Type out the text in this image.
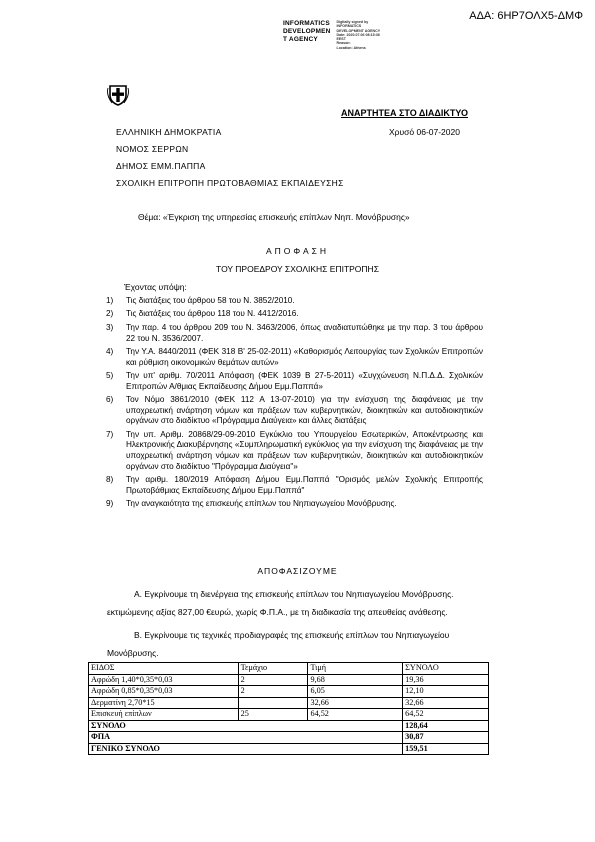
ΑΔΑ: 6ΗΡ7ΟΛΧ5-ΔΜΦ
INFORMATICS
DEVELOPMEN
T AGENCY
Digitally signed by
INFORMATICS
DEVELOPMENT AGENCY
Date: 2020.07.06 08:15:36
EEST
Reason:
Location: Athens
ΑΝΑΡΤΗΤΕΑ ΣΤΟ ΔΙΑΔΙΚΤΥΟ
ΕΛΛΗΝΙΚΗ ΔΗΜΟΚΡΑΤΙΑ	Χρυσό 06-07-2020
ΝΟΜΟΣ ΣΕΡΡΩΝ
ΔΗΜΟΣ ΕΜΜ.ΠΑΠΠΑ
ΣΧΟΛΙΚΗ ΕΠΙΤΡΟΠΗ ΠΡΩΤΟΒΑΘΜΙΑΣ ΕΚΠΑΙΔΕΥΣΗΣ
Θέμα: «Έγκριση της υπηρεσίας επισκευής επίπλων Νηπ. Μονόβρυσης»
ΑΠΟΦΑΣΗ
ΤΟΥ ΠΡΟΕΔΡΟΥ ΣΧΟΛΙΚΗΣ ΕΠΙΤΡΟΠΗΣ
Έχοντας υπόψη:
1) Τις διατάξεις του άρθρου 58 του Ν. 3852/2010.
2) Τις διατάξεις του άρθρου 118 του Ν. 4412/2016.
3) Την παρ. 4 του άρθρου 209 του Ν. 3463/2006, όπως αναδιατυπώθηκε με την παρ. 3 του άρθρου 22 του Ν. 3536/2007.
4) Την Υ.Α. 8440/2011 (ΦΕΚ 318 Β' 25-02-2011) «Καθορισμός Λειτουργίας των Σχολικών Επιτροπών και ρύθμιση οικονομικών θεμάτων αυτών»
5) Την υπ' αριθμ. 70/2011 Απόφαση (ΦΕΚ 1039 Β 27-5-2011) «Συγχώνευση Ν.Π.Δ.Δ. Σχολικών Επιτροπών Α/θμιας Εκπαίδευσης Δήμου Εμμ.Παππά»
6) Τον Νόμο 3861/2010 (ΦΕΚ 112 Α 13-07-2010) για την ενίσχυση της διαφάνειας με την υποχρεωτική ανάρτηση νόμων και πράξεων των κυβερνητικών, διοικητικών και αυτοδιοικητικών οργάνων στο διαδίκτυο «Πρόγραμμα Διαύγεια» και άλλες διατάξεις
7) Την υπ. Αριθμ. 20868/29-09-2010 Εγκύκλιο του Υπουργείου Εσωτερικών, Αποκέντρωσης και Ηλεκτρονικής Διακυβέρνησης «Συμπληρωματική εγκύκλιος για την ενίσχυση της διαφάνειας με την υποχρεωτική ανάρτηση νόμων και πράξεων των κυβερνητικών, διοικητικών και αυτοδιοικητικών οργάνων στο διαδίκτυο "Πρόγραμμα Διαύγεια"»
8) Την αριθμ. 180/2019 Απόφαση Δήμου Εμμ.Παππά "Ορισμός μελών Σχολικής Επιτροπής Πρωτοβάθμιας Εκπαίδευσης Δήμου Εμμ.Παππά"
9) Την αναγκαιότητα της επισκευής επίπλων του Νηπιαγωγείου Μονόβρυσης.
ΑΠΟΦΑΣΙΖΟΥΜΕ
Α. Εγκρίνουμε τη διενέργεια της επισκευής επίπλων του Νηπιαγωγείου Μονόβρυσης. εκτιμώμενης αξίας 827,00 €ευρώ, χωρίς Φ.Π.Α., με τη διαδικασία της απευθείας ανάθεσης.
Β. Εγκρίνουμε τις τεχνικές προδιαγραφές της επισκευής επίπλων του Νηπιαγωγείου Μονόβρυσης.
ΕΙΔΟΣ	Τεμάχιο	Τιμή	ΣΥΝΟΛΟ
Αφρώδη 1,40*0,35*0,03	2	9,68	19,36
Αφρώδη 0,85*0,35*0,03	2	6,05	12,10
Δερματίνη 2,70*15		32,66	32,66
Επισκευή επίπλων	25	64,52	64,52
ΣΥΝΟΛΟ			128,64
ΦΠΑ			30,87
ΓΕΝΙΚΟ ΣΥΝΟΛΟ			159,51
